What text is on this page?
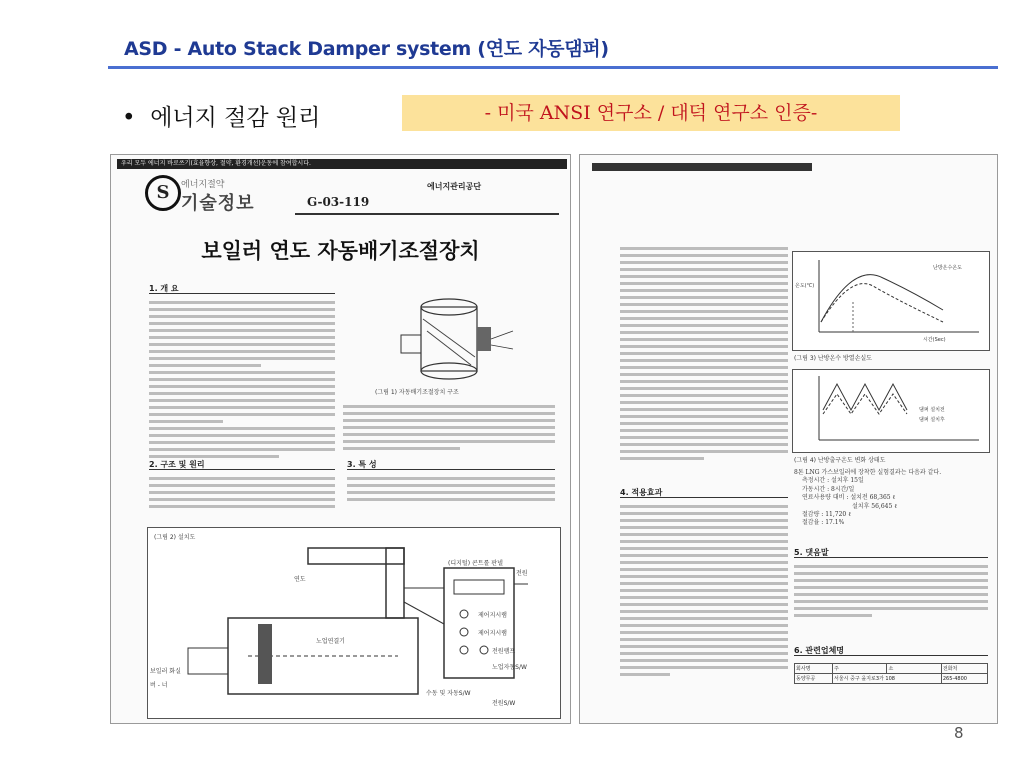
ASD - Auto Stack Damper system (연도 자동댐퍼)
•  에너지 절감 원리	- 미국 ANSI 연구소 / 대덕 연구소 인증-
우리 모두 에너지 바로쓰기(효율향상, 절약, 환경개선)운동에 참여합시다.
S	에너지절약
기술정보
에너지관리공단
G-03-119
보일러 연도 자동배기조절장치
1. 개 요
(그림 1) 자동배기조절장치 구조
2. 구조 및 원리	3. 특 성
(그림 2) 설치도
연도
노업연결기
보일러 화실
버 - 너
전원
(디지털) 콘트롤 판넬
제어지시램
제어지시램
전원램프
노업자동S/W
수동 및 자동S/W
전원S/W
4. 적용효과
온도(℃)
시간(Sec)
난방온수온도
(그림 3) 난방온수 방열손실도
댐퍼 설치전
댐퍼 설치후
(그림 4) 난방출구온도 변화 상태도
8톤 LNG 가스보일러에 장착한 실험결과는 다음과 같다.
측정시간 : 설치후 15일
가동시간 : 8시간/일
연료사용량 대비 : 설치전 68,365 ℓ
설치후 56,645 ℓ
절감량 : 11,720 ℓ
절감율 : 17.1%
5. 댓음말
6. 관련업체명
회사명	주	소	전화처
동양무공	서울시 중구 을지로3가 108		265-4800
8
